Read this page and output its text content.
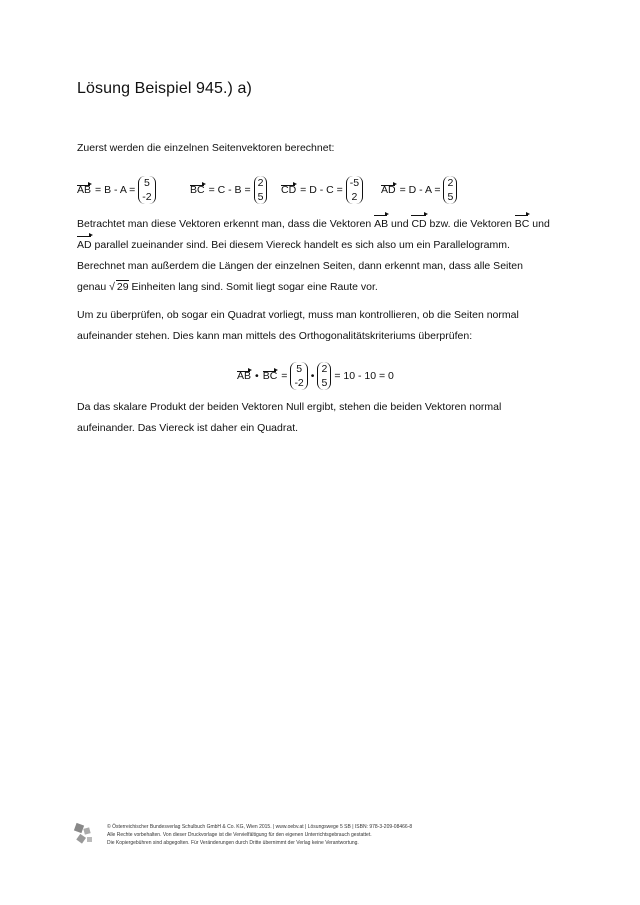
Lösung Beispiel 945.) a)

Zuerst werden die einzelnen Seitenvektoren berechnet:

AB = B - A =
5
-2
BC = C - B =
2
5
CD = D - C =
-5
2
AD = D - A =
2
5

Betrachtet man diese Vektoren erkennt man, dass die Vektoren AB und CD bzw. die Vektoren BC und
AD parallel zueinander sind. Bei diesem Viereck handelt es sich also um ein Parallelogramm.
Berechnet man außerdem die Längen der einzelnen Seiten, dann erkennt man, dass alle Seiten
genau √ 29 Einheiten lang sind. Somit liegt sogar eine Raute vor.

Um zu überprüfen, ob sogar ein Quadrat vorliegt, muss man kontrollieren, ob die Seiten normal aufeinander stehen. Dies kann man mittels des Orthogonalitätskriteriums überprüfen:

AB • BC =
5
-2
•
2
5
= 10 - 10 = 0

Da das skalare Produkt der beiden Vektoren Null ergibt, stehen die beiden Vektoren normal aufeinander. Das Viereck ist daher ein Quadrat.

© Österreichischer Bundesverlag Schulbuch GmbH & Co. KG, Wien 2015. | www.oebv.at | Lösungswege 5 SB | ISBN: 978-3-209-08466-8
Alle Rechte vorbehalten. Von dieser Druckvorlage ist die Vervielfältigung für den eigenen Unterrichtsgebrauch gestattet.
Die Kopiergebühren sind abgegolten. Für Veränderungen durch Dritte übernimmt der Verlag keine Verantwortung.
